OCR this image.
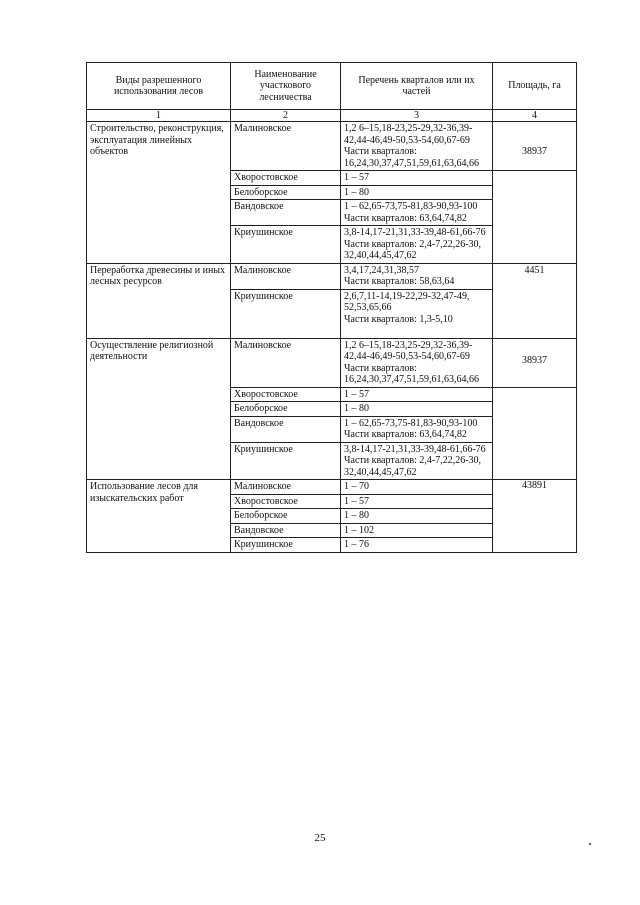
Виды разрешенного использования лесов	Наименование участкового лесничества	Перечень кварталов или их частей	Площадь, га
1	2	3	4
Строительство, реконструкция, эксплуатация линейных объектов	Малиновское	1,2 6–15,18-23,25-29,32-36,39-42,44-46,49-50,53-54,60,67-69
Части кварталов:
16,24,30,37,47,51,59,61,63,64,66	38937
	Хворостовское	1 – 57	
	Белоборское	1 – 80	
	Вандовское	1 – 62,65-73,75-81,83-90,93-100
Части кварталов: 63,64,74,82	
	Криушинское	3,8-14,17-21,31,33-39,48-61,66-76
Части кварталов: 2,4-7,22,26-30,
32,40,44,45,47,62	
Переработка древесины и иных лесных ресурсов	Малиновское	3,4,17,24,31,38,57
Части кварталов: 58,63,64	4451
	Криушинское	2,6,7,11-14,19-22,29-32,47-49,
52,53,65,66
Части кварталов: 1,3-5,10	
Осуществление религиозной деятельности	Малиновское	1,2 6–15,18-23,25-29,32-36,39-42,44-46,49-50,53-54,60,67-69
Части кварталов:
16,24,30,37,47,51,59,61,63,64,66	38937
	Хворостовское	1 – 57	
	Белоборское	1 – 80	
	Вандовское	1 – 62,65-73,75-81,83-90,93-100
Части кварталов: 63,64,74,82	
	Криушинское	3,8-14,17-21,31,33-39,48-61,66-76
Части кварталов: 2,4-7,22,26-30,
32,40,44,45,47,62	
Использование лесов для изыскательских работ	Малиновское	1 – 70	43891
	Хворостовское	1 – 57	
	Белоборское	1 – 80	
	Вандовское	1 – 102	
	Криушинское	1 – 76	
25
